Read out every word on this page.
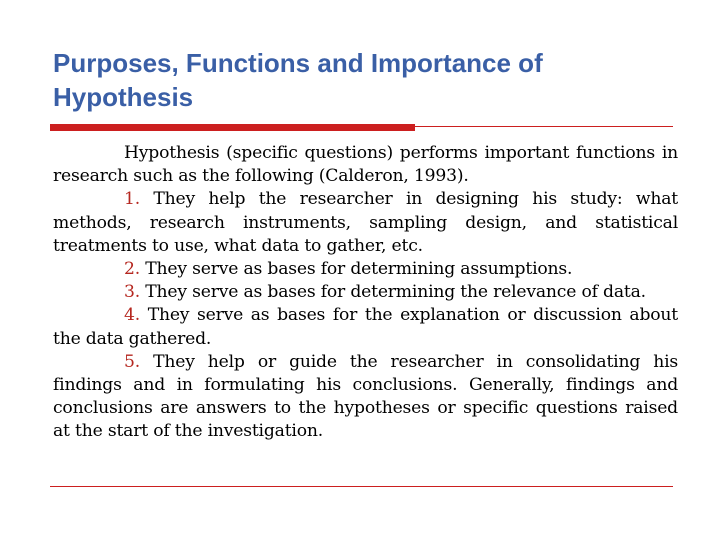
Purposes, Functions and Importance of Hypothesis

Hypothesis (specific questions) performs important functions in research such as the following (Calderon, 1993).

1. They help the researcher in designing his study: what methods, research instruments, sampling design, and statistical treatments to use, what data to gather, etc.

2. They serve as bases for determining assumptions.

3. They serve as bases for determining the relevance of data.

4. They serve as bases for the explanation or discussion about the data gathered.

5. They help or guide the researcher in consolidating his findings and in formulating his conclusions. Generally, findings and conclusions are answers to the hypotheses or specific questions raised at the start of the investigation.
